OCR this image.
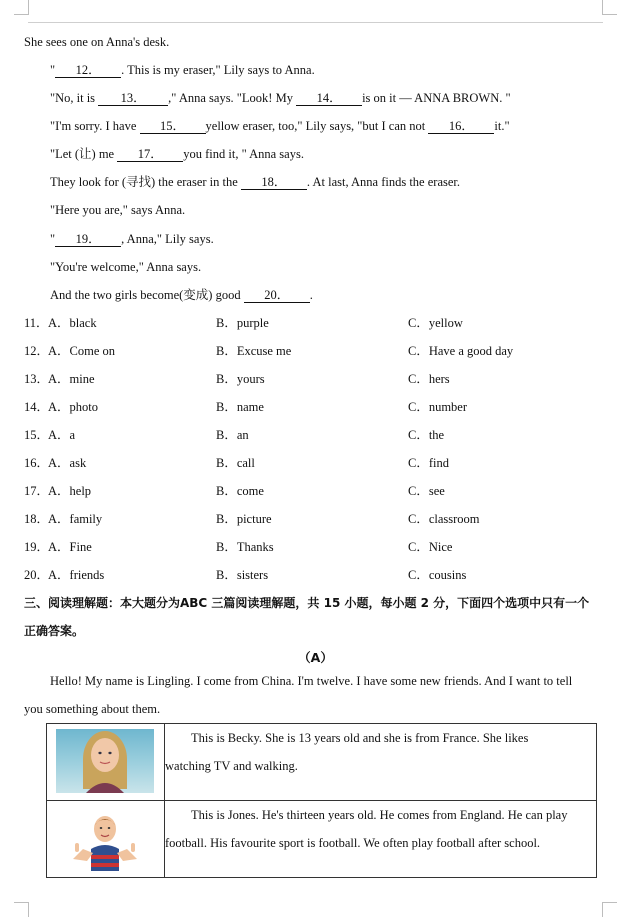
She sees one on Anna's desk.
" 12． . This is my eraser," Lily says to Anna.
"No, it is 13． ," Anna says. "Look! My 14． is on it — ANNA BROWN. "
"I'm sorry. I have 15． yellow eraser, too," Lily says, "but I can not 16． it."
"Let (让) me 17． you find it, " Anna says.
They look for (寻找) the eraser in the 18． . At last, Anna finds the eraser.
"Here you are," says Anna.
" 19． , Anna," Lily says.
"You're welcome," Anna says.
And the two girls become(变成) good 20． .
11． A．black	B．purple	C．yellow
12．
A．Come on	B．Excuse me	C．Have a good day
13．
A．mine	B．yours	C．hers
14．
A．photo	B．name	C．number
15．
A．a	B．an	C．the
16．
A．ask	B．call	C．find
17．
A．help	B．come	C．see
18．
A．family	B．picture	C．classroom
19．
A．Fine	B．Thanks	C．Nice
20．
A．friends	B．sisters	C．cousins
三、阅读理解题：本大题分为ABC 三篇阅读理解题，共 15 小题，每小题 2 分，下面四个选项中只有一个
正确答案。
（A）
Hello! My name is Lingling. I come from China. I'm twelve. I have some new friends. And I want to tell
you something about them.

This is Becky. She is 13 years old and she is from France. She likes
watching TV and walking.

This is Jones. He's thirteen years old. He comes from England. He can play
football. His favourite sport is football. We often play football after school.
